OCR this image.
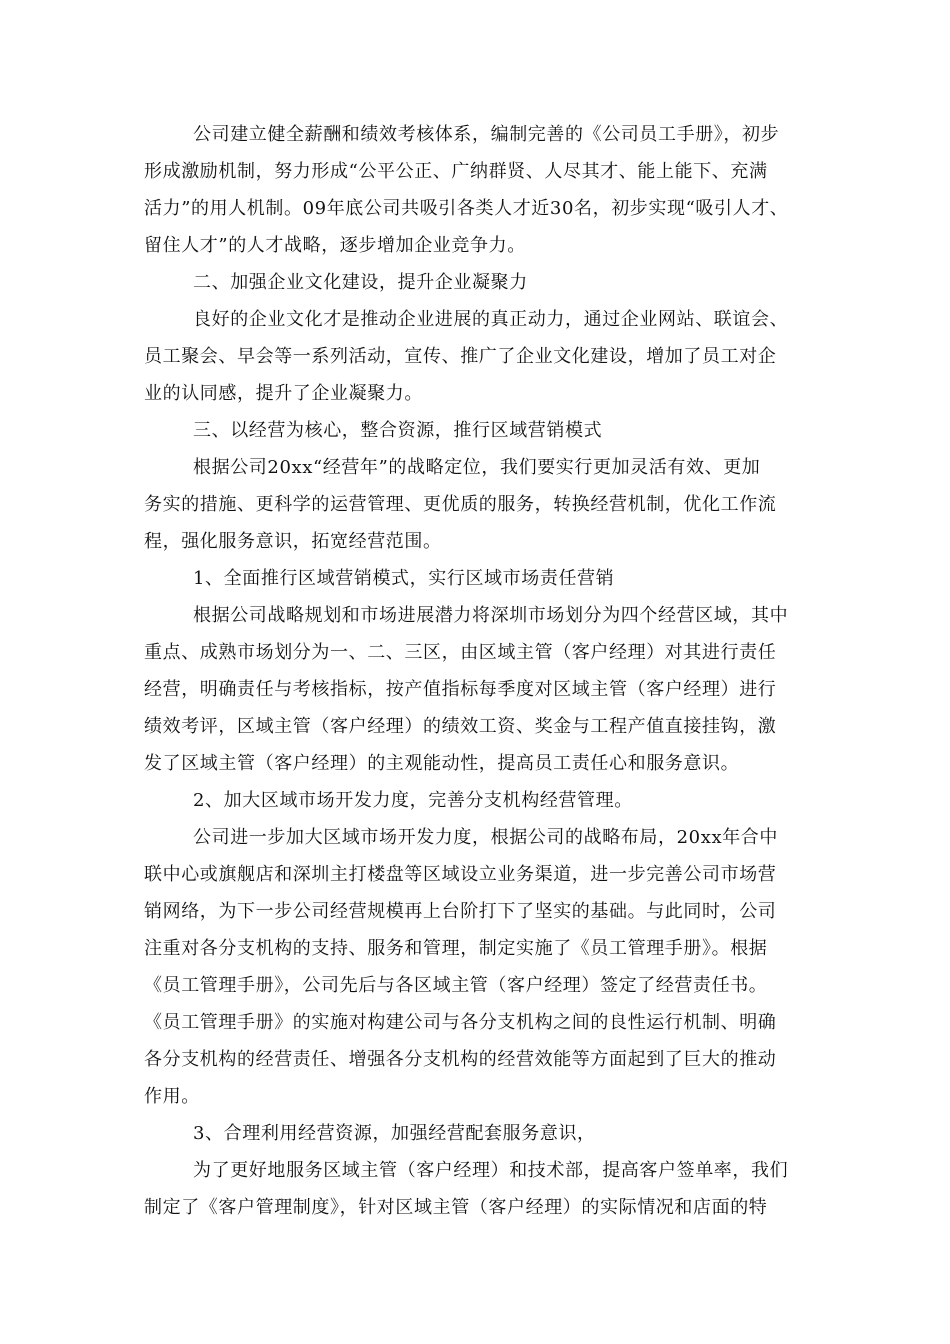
公司建立健全薪酬和绩效考核体系，编制完善的《公司员工手册》，初步
形成激励机制，努力形成“公平公正、广纳群贤、人尽其才、能上能下、充满
活力”的用人机制。09年底公司共吸引各类人才近30名，初步实现“吸引人才、
留住人才”的人才战略，逐步增加企业竞争力。
二、加强企业文化建设，提升企业凝聚力
良好的企业文化才是推动企业进展的真正动力，通过企业网站、联谊会、
员工聚会、早会等一系列活动，宣传、推广了企业文化建设，增加了员工对企
业的认同感，提升了企业凝聚力。
三、以经营为核心，整合资源，推行区域营销模式
根据公司20xx“经营年”的战略定位，我们要实行更加灵活有效、更加
务实的措施、更科学的运营管理、更优质的服务，转换经营机制，优化工作流
程，强化服务意识，拓宽经营范围。
1、全面推行区域营销模式，实行区域市场责任营销
根据公司战略规划和市场进展潜力将深圳市场划分为四个经营区域，其中
重点、成熟市场划分为一、二、三区，由区域主管（客户经理）对其进行责任
经营，明确责任与考核指标，按产值指标每季度对区域主管（客户经理）进行
绩效考评，区域主管（客户经理）的绩效工资、奖金与工程产值直接挂钩，激
发了区域主管（客户经理）的主观能动性，提高员工责任心和服务意识。
2、加大区域市场开发力度，完善分支机构经营管理。
公司进一步加大区域市场开发力度，根据公司的战略布局，20xx年合中
联中心或旗舰店和深圳主打楼盘等区域设立业务渠道，进一步完善公司市场营
销网络，为下一步公司经营规模再上台阶打下了坚实的基础。与此同时，公司
注重对各分支机构的支持、服务和管理，制定实施了《员工管理手册》。根据
《员工管理手册》，公司先后与各区域主管（客户经理）签定了经营责任书。
《员工管理手册》的实施对构建公司与各分支机构之间的良性运行机制、明确
各分支机构的经营责任、增强各分支机构的经营效能等方面起到了巨大的推动
作用。
3、合理利用经营资源，加强经营配套服务意识，
为了更好地服务区域主管（客户经理）和技术部，提高客户签单率，我们
制定了《客户管理制度》，针对区域主管（客户经理）的实际情况和店面的特
